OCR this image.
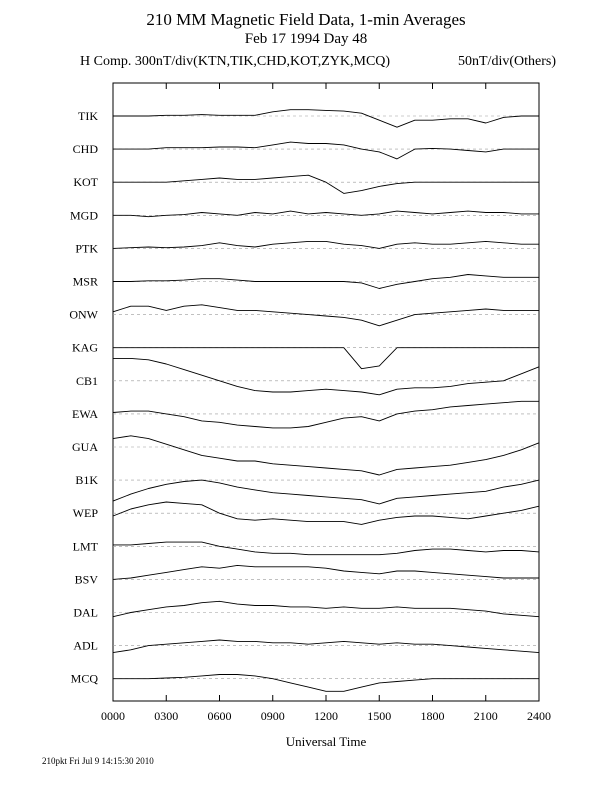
210 MM Magnetic Field Data, 1-min Averages
Feb 17 1994 Day 48
H Comp. 300nT/div(KTN,TIK,CHD,KOT,ZYK,MCQ)	50nT/div(Others)
TIK
CHD
KOT
MGD
PTK
MSR
ONW
KAG
CB1
EWA
GUA
B1K
WEP
LMT
BSV
DAL
ADL
MCQ
0000 0300 0600 0900 1200 1500 1800 2100 2400
Universal Time
210pkt Fri Jul 9 14:15:30 2010
